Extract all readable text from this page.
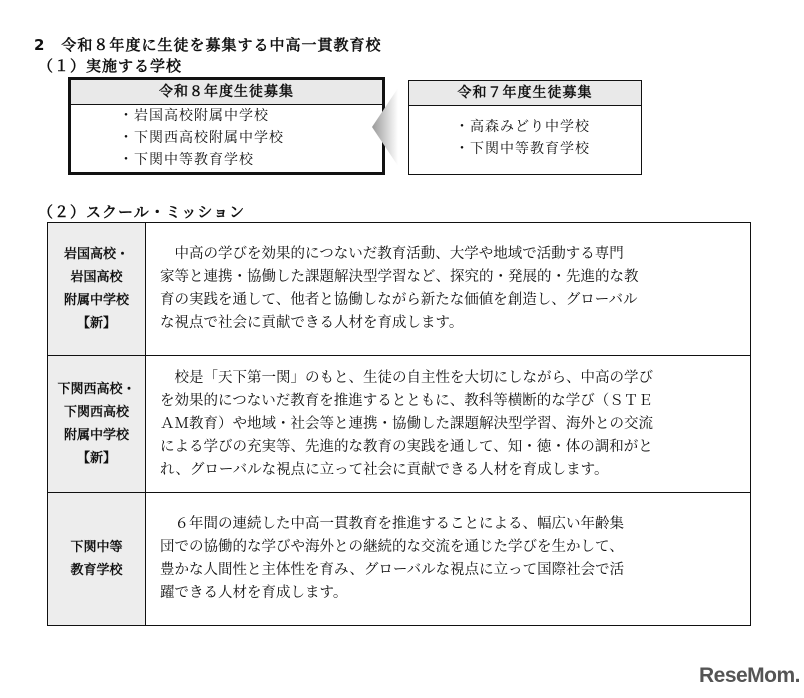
2　令和８年度に生徒を募集する中高一貫教育校
（１）実施する学校
令和８年度生徒募集
・岩国高校附属中学校
・下関西高校附属中学校
・下関中等教育学校
令和７年度生徒募集
・高森みどり中学校
・下関中等教育学校
（２）スクール・ミッション
岩国高校・
岩国高校
附属中学校
【新】	　中高の学びを効果的につないだ教育活動、大学や地域で活動する専門
家等と連携・協働した課題解決型学習など、探究的・発展的・先進的な教
育の実践を通して、他者と協働しながら新たな価値を創造し、グローバル
な視点で社会に貢献できる人材を育成します。

下関西高校・
下関西高校
附属中学校
【新】	　校是「天下第一関」のもと、生徒の自主性を大切にしながら、中高の学び
を効果的につないだ教育を推進するとともに、教科等横断的な学び（ＳＴＥ
ＡＭ教育）や地域・社会等と連携・協働した課題解決型学習、海外との交流
による学びの充実等、先進的な教育の実践を通して、知・徳・体の調和がと
れ、グローバルな視点に立って社会に貢献できる人材を育成します。

下関中等
教育学校	　６年間の連続した中高一貫教育を推進することによる、幅広い年齢集
団での協働的な学びや海外との継続的な交流を通じた学びを生かして、
豊かな人間性と主体性を育み、グローバルな視点に立って国際社会で活
躍できる人材を育成します。
ReseMom.
